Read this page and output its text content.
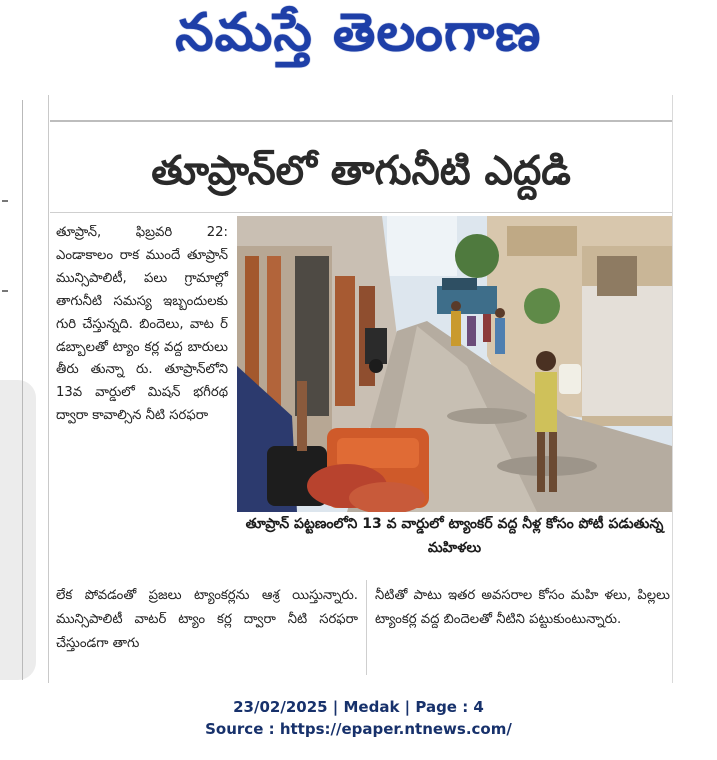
నమస్తే తెలంగాణ
తూప్రాన్‌లో తాగునీటి ఎద్దడి

తూప్రాన్, ఫిబ్రవరి 22: ఎండాకాలం రాక ముందే తూప్రాన్ మున్సిపాలిటీ, పలు గ్రామాల్లో తాగునీటి సమస్య ఇబ్బందులకు గురి చేస్తున్నది. బిందెలు, వాట ర్ డబ్బాలతో ట్యాం కర్ల వద్ద బారులు తీరు తున్నా రు. తూప్రాన్‌లోని 13వ వార్డులో మిషన్ భగీరథ ద్వారా కావాల్సిన నీటి సరఫరా

తూప్రాన్ పట్టణంలోని 13 వ వార్డులో ట్యాంకర్ వద్ద నీళ్ల కోసం పోటీ పడుతున్న మహిళలు
లేక పోవడంతో ప్రజలు ట్యాంకర్లను ఆశ్ర యిస్తున్నారు. మున్సిపాలిటీ వాటర్ ట్యాం కర్ల ద్వారా నీటి సరఫరా చేస్తుండగా తాగు
నీటితో పాటు ఇతర అవసరాల కోసం మహి ళలు, పిల్లలు ట్యాంకర్ల వద్ద బిందెలతో నీటిని పట్టుకుంటున్నారు.
23/02/2025 | Medak | Page : 4
Source : https://epaper.ntnews.com/
